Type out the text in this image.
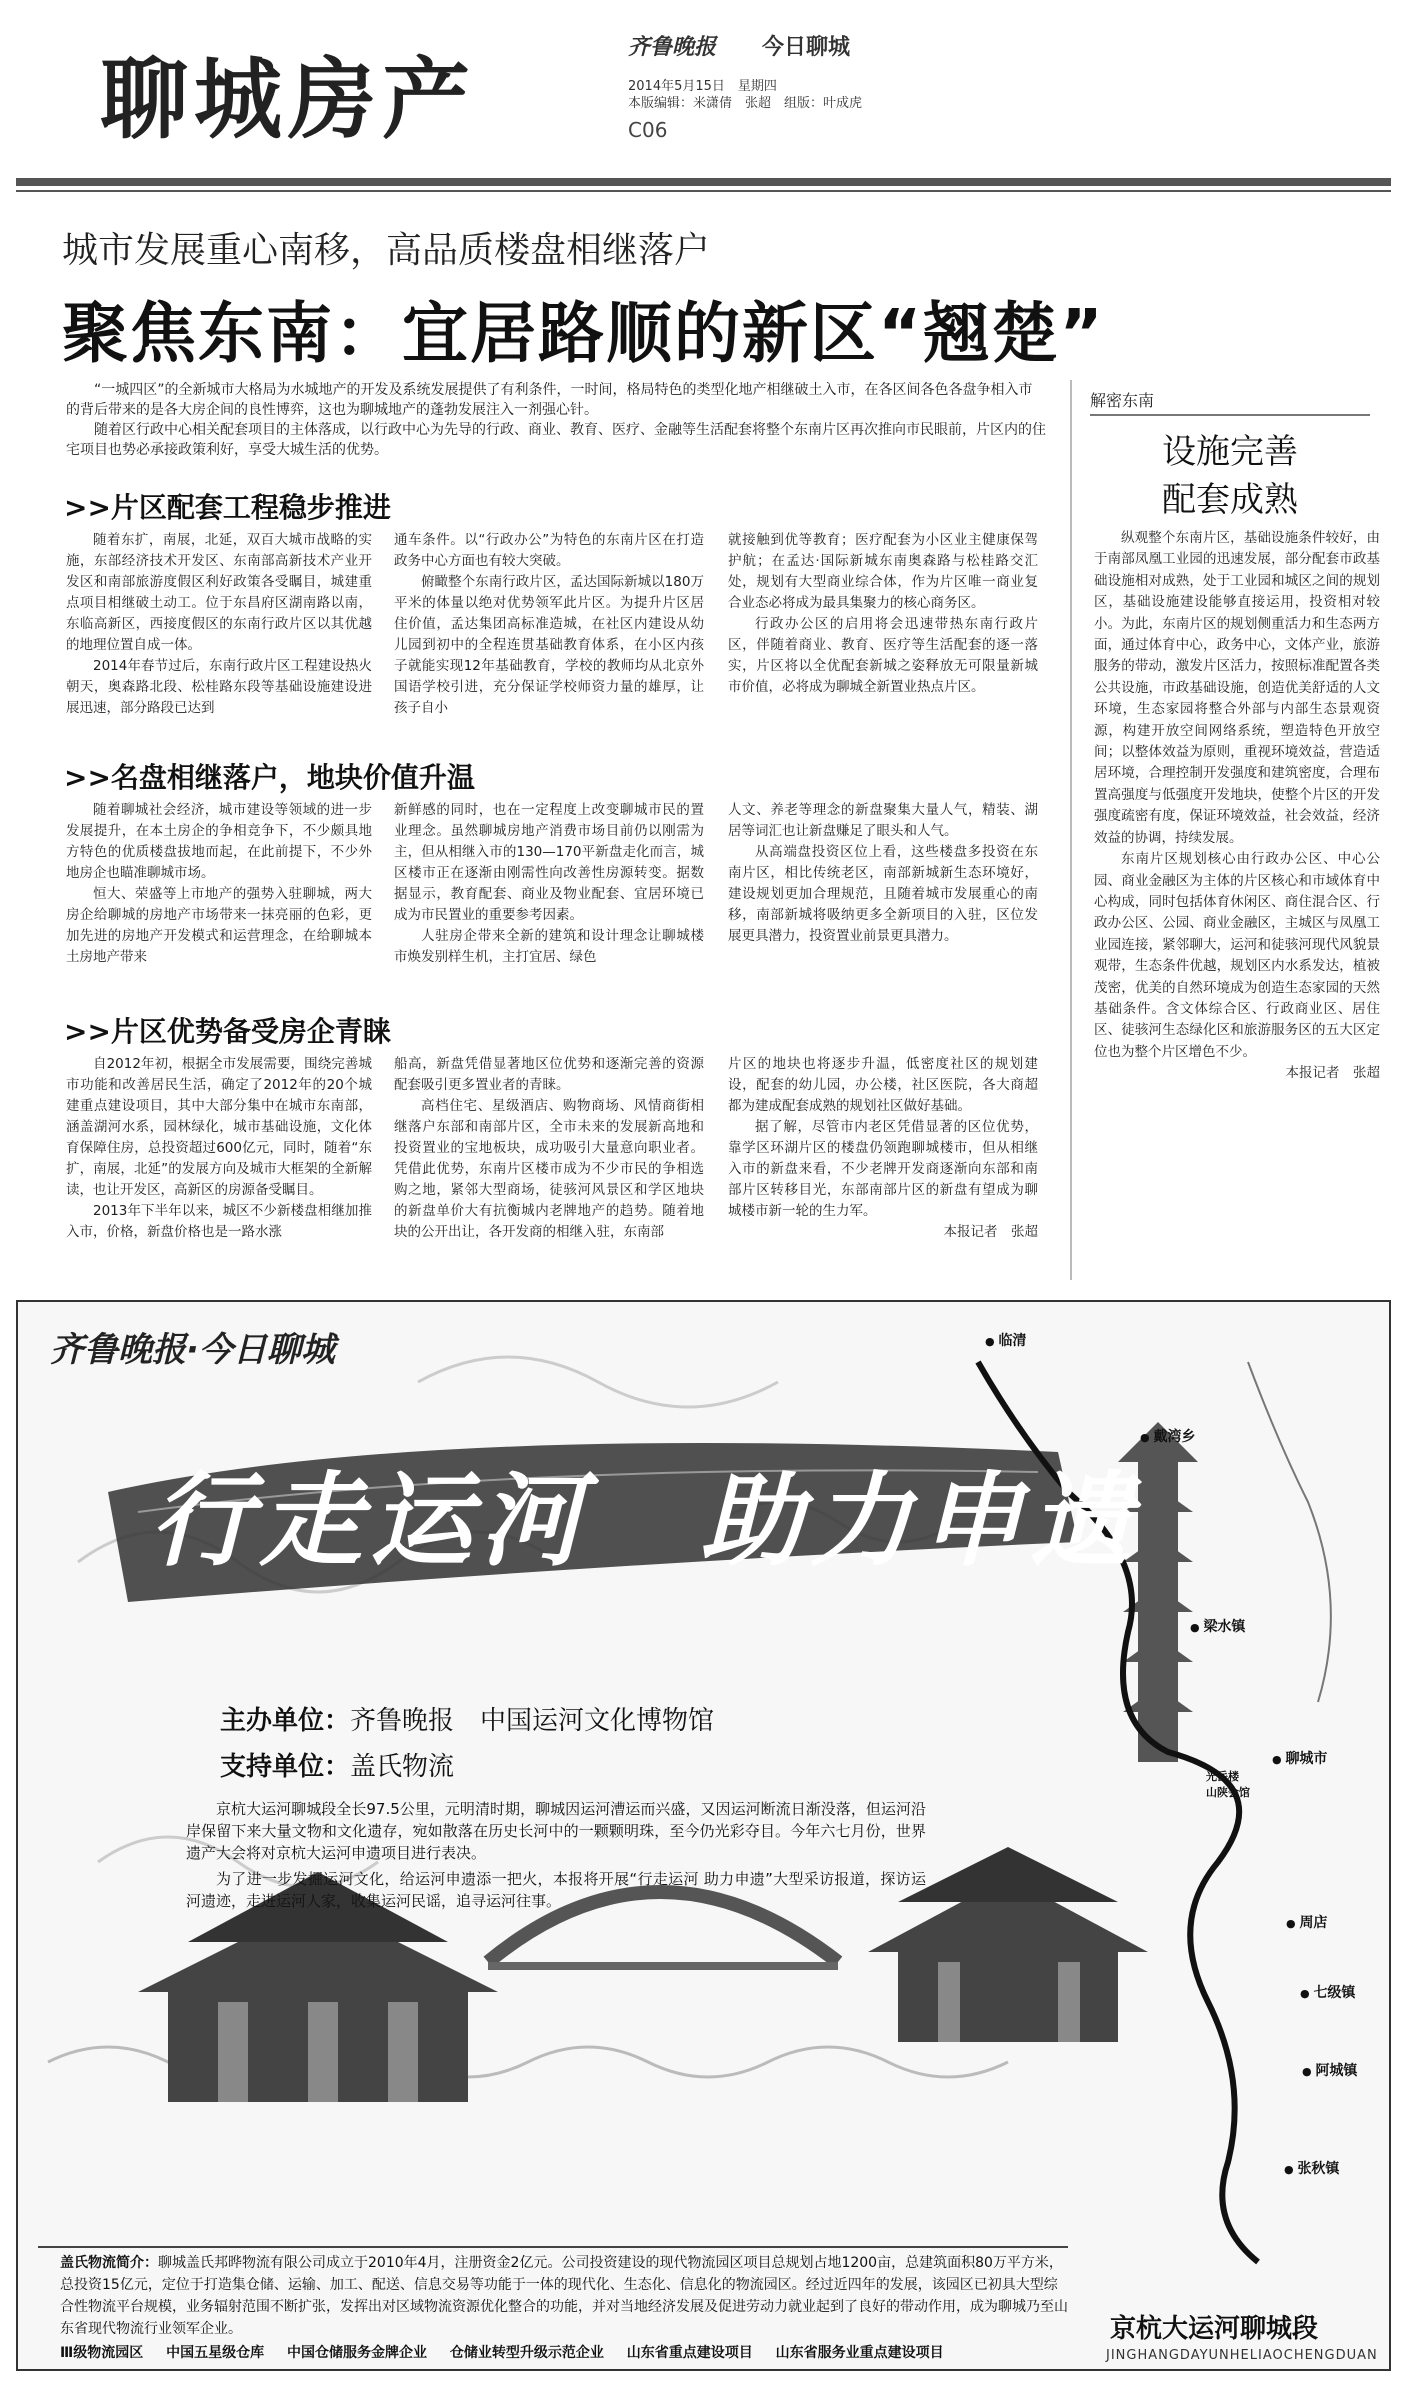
聊城房产
齐鲁晚报 今日聊城
2014年5月15日　星期四
本版编辑：米潇倩　张超　组版：叶成虎
C06
城市发展重心南移，高品质楼盘相继落户
聚焦东南：宜居路顺的新区“翘楚”

“一城四区”的全新城市大格局为水城地产的开发及系统发展提供了有利条件，一时间，格局特色的类型化地产相继破土入市，在各区间各色各盘争相入市的背后带来的是各大房企间的良性博弈，这也为聊城地产的蓬勃发展注入一剂强心针。

随着区行政中心相关配套项目的主体落成，以行政中心为先导的行政、商业、教育、医疗、金融等生活配套将整个东南片区再次推向市民眼前，片区内的住宅项目也势必承接政策利好，享受大城生活的优势。

>>片区配套工程稳步推进

随着东扩，南展，北延，双百大城市战略的实施，东部经济技术开发区、东南部高新技术产业开发区和南部旅游度假区利好政策各受瞩目，城建重点项目相继破土动工。位于东昌府区湖南路以南，东临高新区，西接度假区的东南行政片区以其优越的地理位置自成一体。

2014年春节过后，东南行政片区工程建设热火朝天，奥森路北段、松桂路东段等基础设施建设进展迅速，部分路段已达到

通车条件。以“行政办公”为特色的东南片区在打造政务中心方面也有较大突破。

俯瞰整个东南行政片区，孟达国际新城以180万平米的体量以绝对优势领军此片区。为提升片区居住价值，孟达集团高标准造城，在社区内建设从幼儿园到初中的全程连贯基础教育体系，在小区内孩子就能实现12年基础教育，学校的教师均从北京外国语学校引进，充分保证学校师资力量的雄厚，让孩子自小

就接触到优等教育；医疗配套为小区业主健康保驾护航；在孟达·国际新城东南奥森路与松桂路交汇处，规划有大型商业综合体，作为片区唯一商业复合业态必将成为最具集聚力的核心商务区。

行政办公区的启用将会迅速带热东南行政片区，伴随着商业、教育、医疗等生活配套的逐一落实，片区将以全优配套新城之姿释放无可限量新城市价值，必将成为聊城全新置业热点片区。

>>名盘相继落户，地块价值升温

随着聊城社会经济，城市建设等领域的进一步发展提升，在本土房企的争相竞争下，不少颇具地方特色的优质楼盘拔地而起，在此前提下，不少外地房企也瞄准聊城市场。

恒大、荣盛等上市地产的强势入驻聊城，两大房企给聊城的房地产市场带来一抹亮丽的色彩，更加先进的房地产开发模式和运营理念，在给聊城本土房地产带来

新鲜感的同时，也在一定程度上改变聊城市民的置业理念。虽然聊城房地产消费市场目前仍以刚需为主，但从相继入市的130—170平新盘走化而言，城区楼市正在逐渐由刚需性向改善性房源转变。据数据显示，教育配套、商业及物业配套、宜居环境已成为市民置业的重要参考因素。

人驻房企带来全新的建筑和设计理念让聊城楼市焕发别样生机，主打宜居、绿色

人文、养老等理念的新盘聚集大量人气，精装、湖居等词汇也让新盘赚足了眼头和人气。

从高端盘投资区位上看，这些楼盘多投资在东南片区，相比传统老区，南部新城新生态环境好，建设规划更加合理规范，且随着城市发展重心的南移，南部新城将吸纳更多全新项目的入驻，区位发展更具潜力，投资置业前景更具潜力。

>>片区优势备受房企青睐

自2012年初，根据全市发展需要，围绕完善城市功能和改善居民生活，确定了2012年的20个城建重点建设项目，其中大部分集中在城市东南部，涵盖湖河水系，园林绿化，城市基础设施，文化体育保障住房，总投资超过600亿元，同时，随着“东扩，南展，北延”的发展方向及城市大框架的全新解读，也让开发区，高新区的房源备受瞩目。

2013年下半年以来，城区不少新楼盘相继加推入市，价格，新盘价格也是一路水涨

船高，新盘凭借显著地区位优势和逐渐完善的资源配套吸引更多置业者的青睐。

高档住宅、星级酒店、购物商场、风情商街相继落户东部和南部片区，全市未来的发展新高地和投资置业的宝地板块，成功吸引大量意向职业者。凭借此优势，东南片区楼市成为不少市民的争相选购之地，紧邻大型商场，徒骇河风景区和学区地块的新盘单价大有抗衡城内老牌地产的趋势。随着地块的公开出让，各开发商的相继入驻，东南部

片区的地块也将逐步升温，低密度社区的规划建设，配套的幼儿园，办公楼，社区医院，各大商超都为建成配套成熟的规划社区做好基础。

据了解，尽管市内老区凭借显著的区位优势，靠学区环湖片区的楼盘仍领跑聊城楼市，但从相继入市的新盘来看，不少老牌开发商逐渐向东部和南部片区转移目光，东部南部片区的新盘有望成为聊城楼市新一轮的生力军。

本报记者　张超

解密东南
设施完善
配套成熟

纵观整个东南片区，基础设施条件较好，由于南部凤凰工业园的迅速发展，部分配套市政基础设施相对成熟，处于工业园和城区之间的规划区，基础设施建设能够直接运用，投资相对较小。为此，东南片区的规划侧重活力和生态两方面，通过体育中心，政务中心，文体产业，旅游服务的带动，激发片区活力，按照标准配置各类公共设施，市政基础设施，创造优美舒适的人文环境，生态家园将整合外部与内部生态景观资源，构建开放空间网络系统，塑造特色开放空间；以整体效益为原则，重视环境效益，营造适居环境，合理控制开发强度和建筑密度，合理布置高强度与低强度开发地块，使整个片区的开发强度疏密有度，保证环境效益，社会效益，经济效益的协调，持续发展。

东南片区规划核心由行政办公区、中心公园、商业金融区为主体的片区核心和市域体育中心构成，同时包括体育休闲区、商住混合区、行政办公区、公园、商业金融区，主城区与凤凰工业园连接，紧邻聊大，运河和徒骇河现代风貌景观带，生态条件优越，规划区内水系发达，植被茂密，优美的自然环境成为创造生态家园的天然基础条件。含文体综合区、行政商业区、居住区、徒骇河生态绿化区和旅游服务区的五大区定位也为整个片区增色不少。

本报记者　张超

齐鲁晚报·今日聊城
行走运河　助力申遗
主办单位： 齐鲁晚报　中国运河文化博物馆
支持单位： 盖氏物流

京杭大运河聊城段全长97.5公里，元明清时期，聊城因运河漕运而兴盛，又因运河断流日渐没落，但运河沿岸保留下来大量文物和文化遗存，宛如散落在历史长河中的一颗颗明珠，至今仍光彩夺目。今年六七月份，世界遗产大会将对京杭大运河申遗项目进行表决。

为了进一步发掘运河文化，给运河申遗添一把火，本报将开展“行走运河 助力申遗”大型采访报道，探访运河遗迹，走进运河人家，收集运河民谣，追寻运河往事。

● 临清
● 戴湾乡
● 梁水镇
● 聊城市
光岳楼
山陕会馆
● 周店
● 七级镇
● 阿城镇
● 张秋镇
京杭大运河聊城段
JINGHANGDAYUNHELIAOCHENGDUAN
盖氏物流简介：聊城盖氏邦晔物流有限公司成立于2010年4月，注册资金2亿元。公司投资建设的现代物流园区项目总规划占地1200亩，总建筑面积80万平方米，总投资15亿元，定位于打造集仓储、运输、加工、配送、信息交易等功能于一体的现代化、生态化、信息化的物流园区。经过近四年的发展，该园区已初具大型综合性物流平台规模，业务辐射范围不断扩张，发挥出对区域物流资源优化整合的功能，并对当地经济发展及促进劳动力就业起到了良好的带动作用，成为聊城乃至山东省现代物流行业领军企业。
Ⅲ级物流园区 中国五星级仓库 中国仓储服务金牌企业 仓储业转型升级示范企业 山东省重点建设项目 山东省服务业重点建设项目
